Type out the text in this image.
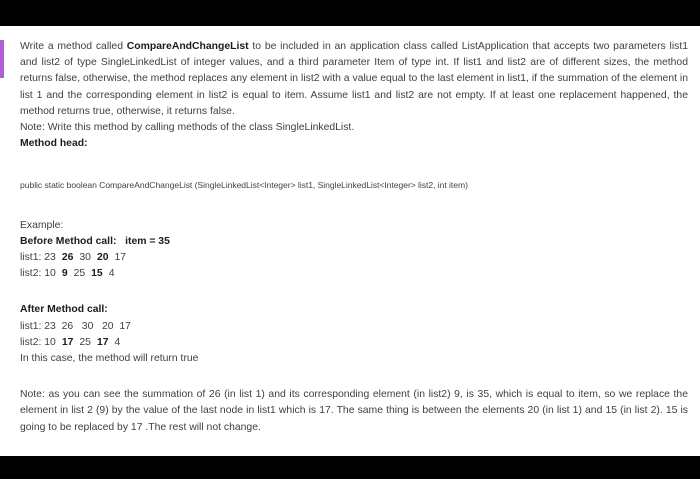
Write a method called CompareAndChangeList to be included in an application class called ListApplication that accepts two parameters list1 and list2 of type SingleLinkedList of integer values, and a third parameter Item of type int. If list1 and list2 are of different sizes, the method returns false, otherwise, the method replaces any element in list2 with a value equal to the last element in list1, if the summation of the element in list 1 and the corresponding element in list2 is equal to item. Assume list1 and list2 are not empty. If at least one replacement happened, the method returns true, otherwise, it returns false.

Note: Write this method by calling methods of the class SingleLinkedList.

Method head:

public static boolean CompareAndChangeList (SingleLinkedList<Integer> list1, SingleLinkedList<Integer> list2, int item)

Example:

Before Method call: item = 35

list1: 23 26 30 20 17

list2: 10 9 25 15 4

After Method call:

list1: 23  26   30   20  17

list2: 10 17 25 17 4

In this case, the method will return true

Note: as you can see the summation of 26 (in list 1) and its corresponding element (in list2) 9, is 35, which is equal to item, so we replace the element in list 2 (9) by the value of the last node in list1 which is 17. The same thing is between the elements 20 (in list 1) and 15 (in list 2). 15 is going to be replaced by 17 .The rest will not change.
